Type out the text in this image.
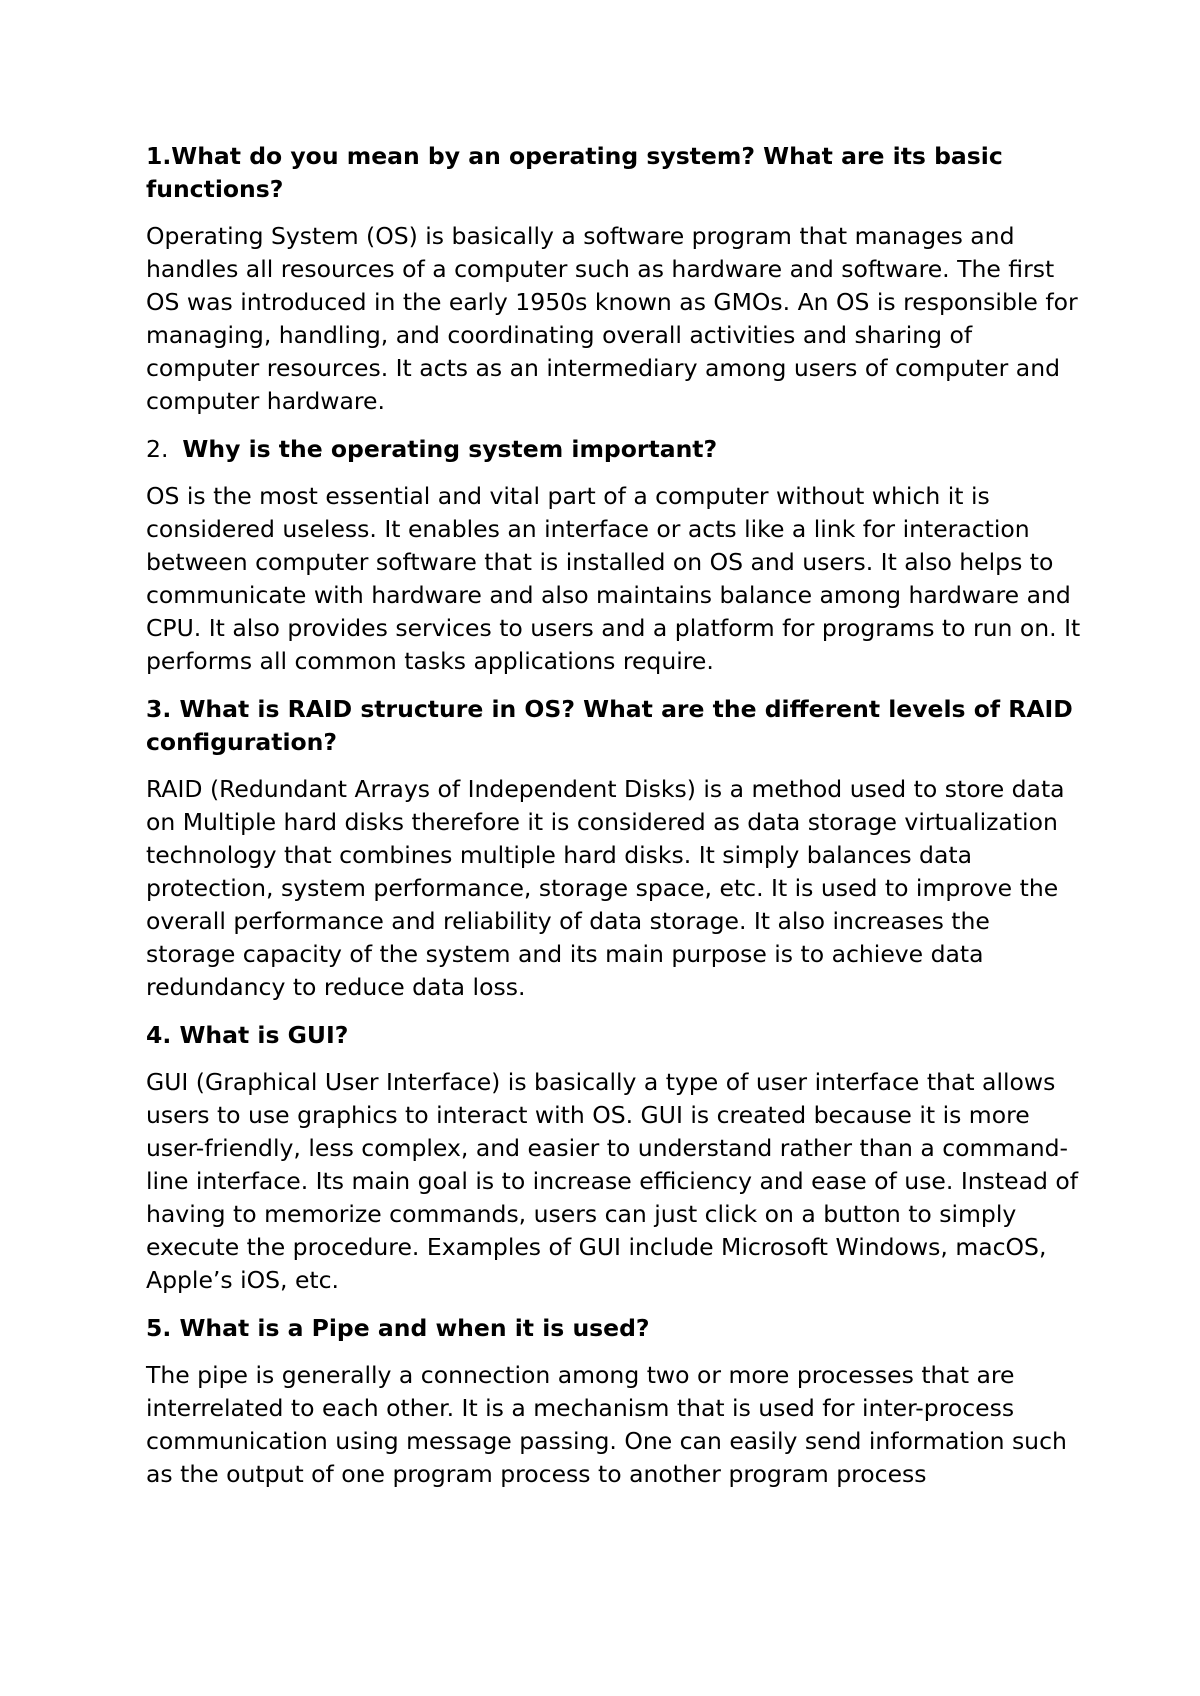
1.What do you mean by an operating system? What are its basic functions?

Operating System (OS) is basically a software program that manages and handles all resources of a computer such as hardware and software. The first OS was introduced in the early 1950s known as GMOs. An OS is responsible for managing, handling, and coordinating overall activities and sharing of computer resources. It acts as an intermediary among users of computer and computer hardware.

2. Why is the operating system important?

OS is the most essential and vital part of a computer without which it is considered useless. It enables an interface or acts like a link for interaction between computer software that is installed on OS and users. It also helps to communicate with hardware and also maintains balance among hardware and CPU. It also provides services to users and a platform for programs to run on. It performs all common tasks applications require.

3. What is RAID structure in OS? What are the different levels of RAID configuration?

RAID (Redundant Arrays of Independent Disks) is a method used to store data on Multiple hard disks therefore it is considered as data storage virtualization technology that combines multiple hard disks. It simply balances data protection, system performance, storage space, etc. It is used to improve the overall performance and reliability of data storage. It also increases the storage capacity of the system and its main purpose is to achieve data redundancy to reduce data loss.

4. What is GUI?

GUI (Graphical User Interface) is basically a type of user interface that allows users to use graphics to interact with OS. GUI is created because it is more user-friendly, less complex, and easier to understand rather than a command-line interface. Its main goal is to increase efficiency and ease of use. Instead of having to memorize commands, users can just click on a button to simply execute the procedure. Examples of GUI include Microsoft Windows, macOS, Apple’s iOS, etc.

5. What is a Pipe and when it is used?

The pipe is generally a connection among two or more processes that are interrelated to each other. It is a mechanism that is used for inter-process communication using message passing. One can easily send information such as the output of one program process to another program process
